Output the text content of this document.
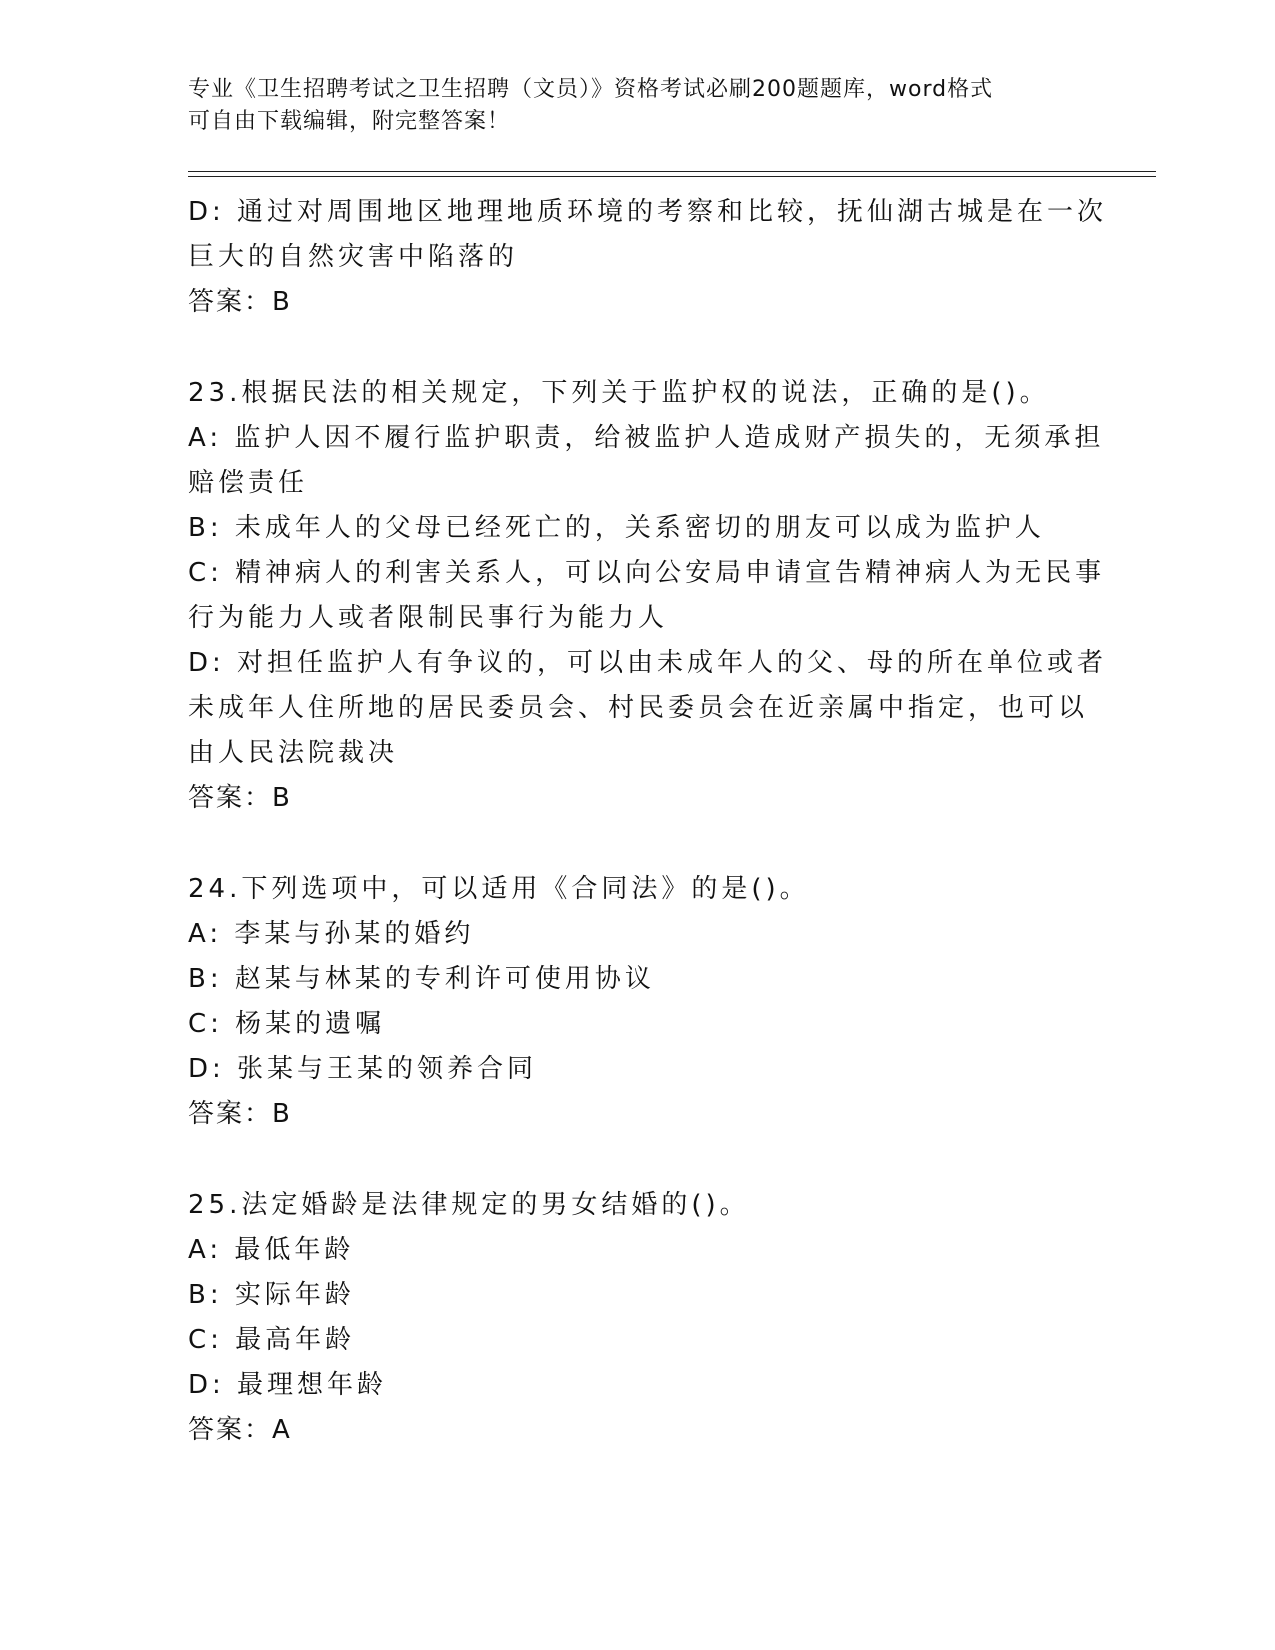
专业《卫生招聘考试之卫生招聘（文员）》资格考试必刷200题题库，word格式
可自由下载编辑，附完整答案！
D: 通过对周围地区地理地质环境的考察和比较，抚仙湖古城是在一次
巨大的自然灾害中陷落的
答案：B
23.根据民法的相关规定，下列关于监护权的说法，正确的是()。
A: 监护人因不履行监护职责，给被监护人造成财产损失的，无须承担
赔偿责任
B: 未成年人的父母已经死亡的，关系密切的朋友可以成为监护人
C: 精神病人的利害关系人，可以向公安局申请宣告精神病人为无民事
行为能力人或者限制民事行为能力人
D: 对担任监护人有争议的，可以由未成年人的父、母的所在单位或者
未成年人住所地的居民委员会、村民委员会在近亲属中指定，也可以
由人民法院裁决
答案：B
24.下列选项中，可以适用《合同法》的是()。
A: 李某与孙某的婚约
B: 赵某与林某的专利许可使用协议
C: 杨某的遗嘱
D: 张某与王某的领养合同
答案：B
25.法定婚龄是法律规定的男女结婚的()。
A: 最低年龄
B: 实际年龄
C: 最高年龄
D: 最理想年龄
答案：A
